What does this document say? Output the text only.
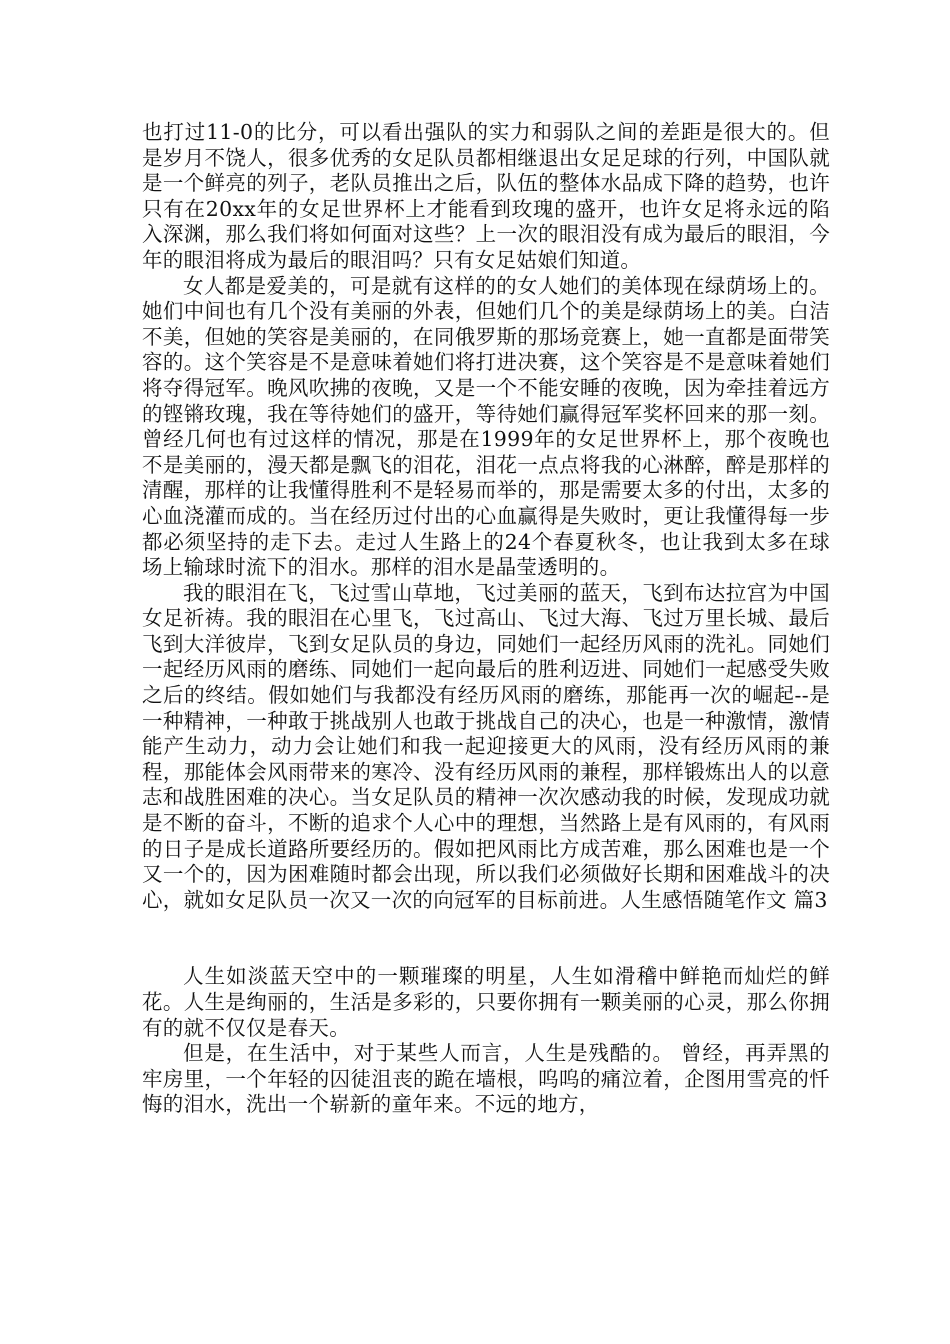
也打过11-0的比分，可以看出强队的实力和弱队之间的差距是很大的。但是岁月不饶人，很多优秀的女足队员都相继退出女足足球的行列，中国队就是一个鲜亮的列子，老队员推出之后，队伍的整体水品成下降的趋势，也许只有在20xx年的女足世界杯上才能看到玫瑰的盛开，也许女足将永远的陷入深渊，那么我们将如何面对这些？上一次的眼泪没有成为最后的眼泪，今年的眼泪将成为最后的眼泪吗？只有女足姑娘们知道。

女人都是爱美的，可是就有这样的的女人她们的美体现在绿荫场上的。她们中间也有几个没有美丽的外表，但她们几个的美是绿荫场上的美。白洁不美，但她的笑容是美丽的，在同俄罗斯的那场竞赛上，她一直都是面带笑容的。这个笑容是不是意味着她们将打进决赛，这个笑容是不是意味着她们将夺得冠军。晚风吹拂的夜晚，又是一个不能安睡的夜晚，因为牵挂着远方的铿锵玫瑰，我在等待她们的盛开，等待她们赢得冠军奖杯回来的那一刻。曾经几何也有过这样的情况，那是在1999年的女足世界杯上，那个夜晚也不是美丽的，漫天都是飘飞的泪花，泪花一点点将我的心淋醉，醉是那样的清醒，那样的让我懂得胜利不是轻易而举的，那是需要太多的付出，太多的心血浇灌而成的。当在经历过付出的心血赢得是失败时，更让我懂得每一步都必须坚持的走下去。走过人生路上的24个春夏秋冬，也让我到太多在球场上输球时流下的泪水。那样的泪水是晶莹透明的。

我的眼泪在飞，飞过雪山草地，飞过美丽的蓝天，飞到布达拉宫为中国女足祈祷。我的眼泪在心里飞，飞过高山、飞过大海、飞过万里长城、最后飞到大洋彼岸，飞到女足队员的身边，同她们一起经历风雨的洗礼。同她们一起经历风雨的磨练、同她们一起向最后的胜利迈进、同她们一起感受失败之后的终结。假如她们与我都没有经历风雨的磨练，那能再一次的崛起--是一种精神，一种敢于挑战别人也敢于挑战自己的决心，也是一种激情，激情能产生动力，动力会让她们和我一起迎接更大的风雨，没有经历风雨的兼程，那能体会风雨带来的寒冷、没有经历风雨的兼程，那样锻炼出人的以意志和战胜困难的决心。当女足队员的精神一次次感动我的时候，发现成功就是不断的奋斗，不断的追求个人心中的理想，当然路上是有风雨的，有风雨的日子是成长道路所要经历的。假如把风雨比方成苦难，那么困难也是一个又一个的，因为困难随时都会出现，所以我们必须做好长期和困难战斗的决心，就如女足队员一次又一次的向冠军的目标前进。人生感悟随笔作文 篇3

人生如淡蓝天空中的一颗璀璨的明星，人生如滑稽中鲜艳而灿烂的鲜花。人生是绚丽的，生活是多彩的，只要你拥有一颗美丽的心灵，那么你拥有的就不仅仅是春天。

但是，在生活中，对于某些人而言，人生是残酷的。 曾经，再弄黑的牢房里，一个年轻的囚徒沮丧的跪在墙根，呜呜的痛泣着，企图用雪亮的忏悔的泪水，洗出一个崭新的童年来。不远的地方，
